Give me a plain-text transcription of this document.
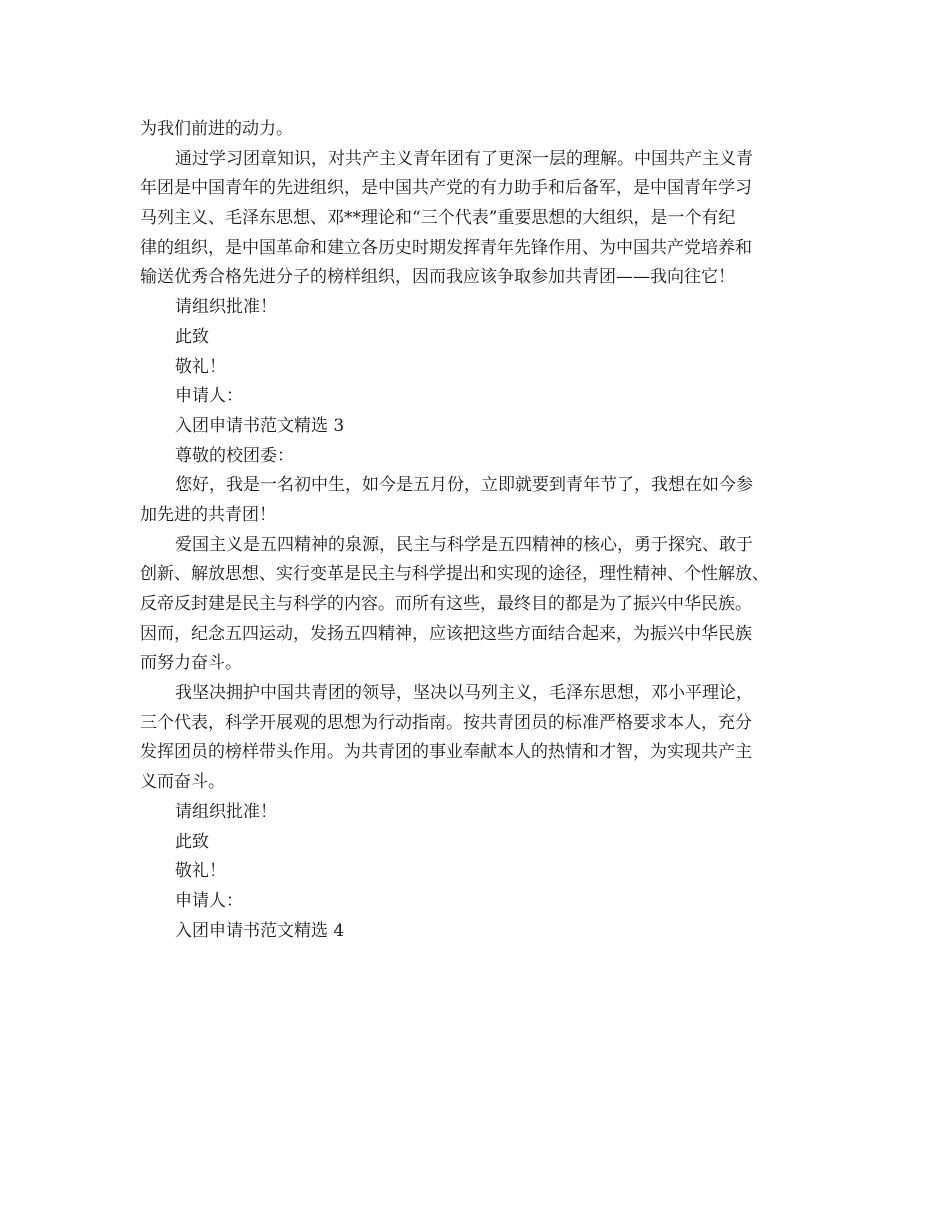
为我们前进的动力。
通过学习团章知识，对共产主义青年团有了更深一层的理解。中国共产主义青
年团是中国青年的先进组织，是中国共产党的有力助手和后备军，是中国青年学习
马列主义、毛泽东思想、邓**理论和“三个代表”重要思想的大组织，是一个有纪
律的组织，是中国革命和建立各历史时期发挥青年先锋作用、为中国共产党培养和
输送优秀合格先进分子的榜样组织，因而我应该争取参加共青团——我向往它！
请组织批准！
此致
敬礼！
申请人：
入团申请书范文精选 3
尊敬的校团委：
您好，我是一名初中生，如今是五月份，立即就要到青年节了，我想在如今参
加先进的共青团！
爱国主义是五四精神的泉源，民主与科学是五四精神的核心，勇于探究、敢于
创新、解放思想、实行变革是民主与科学提出和实现的途径，理性精神、个性解放、
反帝反封建是民主与科学的内容。而所有这些，最终目的都是为了振兴中华民族。
因而，纪念五四运动，发扬五四精神，应该把这些方面结合起来，为振兴中华民族
而努力奋斗。
我坚决拥护中国共青团的领导，坚决以马列主义，毛泽东思想，邓小平理论，
三个代表，科学开展观的思想为行动指南。按共青团员的标准严格要求本人，充分
发挥团员的榜样带头作用。为共青团的事业奉献本人的热情和才智，为实现共产主
义而奋斗。
请组织批准！
此致
敬礼！
申请人：
入团申请书范文精选 4
